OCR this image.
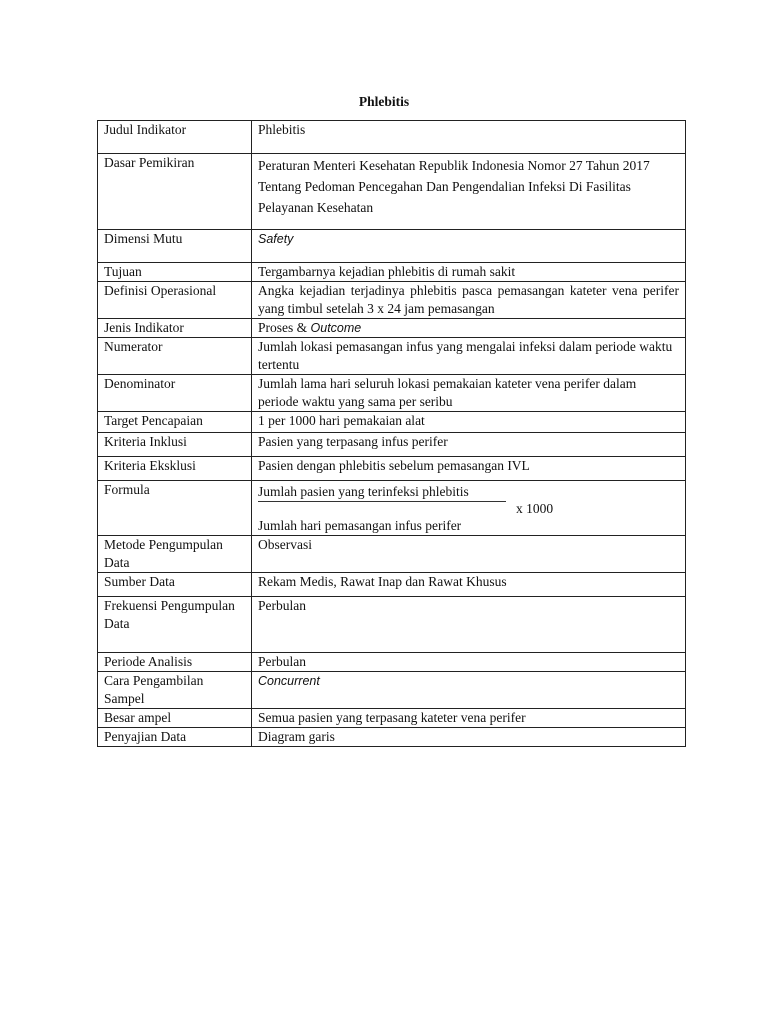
Phlebitis
Judul Indikator	Phlebitis
Dasar Pemikiran	Peraturan Menteri Kesehatan Republik Indonesia Nomor 27 Tahun 2017 Tentang Pedoman Pencegahan Dan Pengendalian Infeksi Di Fasilitas Pelayanan Kesehatan
Dimensi Mutu	Safety
Tujuan	Tergambarnya kejadian phlebitis di rumah sakit
Definisi Operasional	Angka kejadian terjadinya phlebitis pasca pemasangan kateter vena perifer yang timbul setelah 3 x 24 jam pemasangan
Jenis Indikator	Proses & Outcome
Numerator	Jumlah lokasi pemasangan infus yang mengalai infeksi dalam periode waktu tertentu
Denominator	Jumlah lama hari seluruh lokasi pemakaian kateter vena perifer dalam periode waktu yang sama per seribu
Target Pencapaian	1 per 1000 hari pemakaian alat
Kriteria Inklusi	Pasien yang terpasang infus perifer
Kriteria Eksklusi	Pasien dengan phlebitis sebelum pemasangan IVL
Formula	Jumlah pasien yang terinfeksi phlebitis
x 1000
Jumlah hari pemasangan infus perifer

Metode Pengumpulan Data	Observasi
Sumber Data	Rekam Medis, Rawat Inap dan Rawat Khusus
Frekuensi Pengumpulan Data	Perbulan
Periode Analisis	Perbulan
Cara Pengambilan Sampel	Concurrent
Besar ampel	Semua pasien yang terpasang kateter vena perifer
Penyajian Data	Diagram garis
